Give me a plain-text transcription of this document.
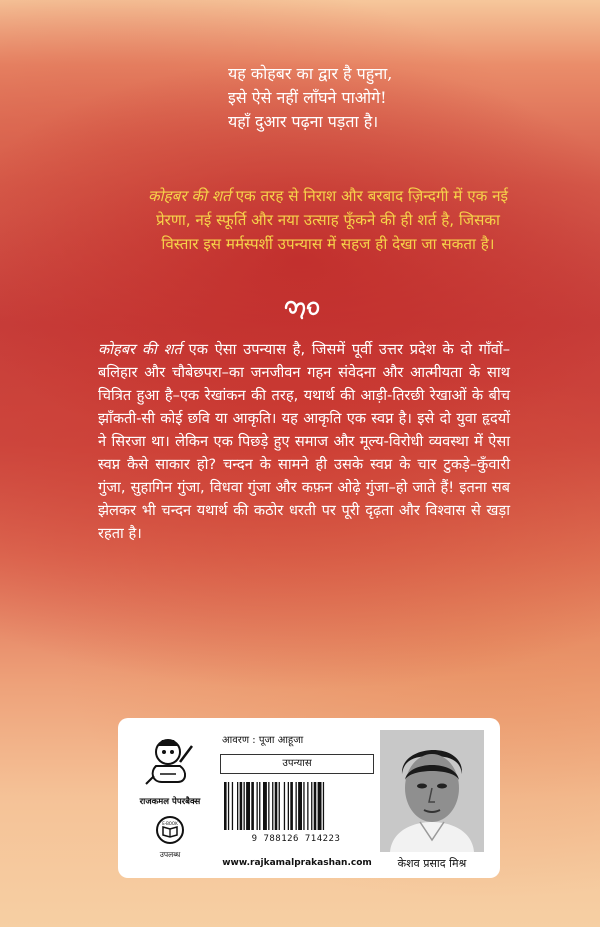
यह कोहबर का द्वार है पहुना,
इसे ऐसे नहीं लाँघने पाओगे!
यहाँ दुआर पढ़ना पड़ता है।
कोहबर की शर्त एक तरह से निराश और बरबाद ज़िन्दगी में एक नई प्रेरणा, नई स्फूर्ति और नया उत्साह फूँकने की ही शर्त है, जिसका विस्तार इस मर्मस्पर्शी उपन्यास में सहज ही देखा जा सकता है।
कोहबर की शर्त एक ऐसा उपन्यास है, जिसमें पूर्वी उत्तर प्रदेश के दो गाँवों–बलिहार और चौबेछपरा–का जनजीवन गहन संवेदना और आत्मीयता के साथ चित्रित हुआ है–एक रेखांकन की तरह, यथार्थ की आड़ी-तिरछी रेखाओं के बीच झाँकती-सी कोई छवि या आकृति। यह आकृति एक स्वप्न है। इसे दो युवा हृदयों ने सिरजा था। लेकिन एक पिछड़े हुए समाज और मूल्य-विरोधी व्यवस्था में ऐसा स्वप्न कैसे साकार हो? चन्दन के सामने ही उसके स्वप्न के चार टुकड़े–कुँवारी गुंजा, सुहागिन गुंजा, विधवा गुंजा और कफ़न ओढ़े गुंजा–हो जाते हैं! इतना सब झेलकर भी चन्दन यथार्थ की कठोर धरती पर पूरी दृढ़ता और विश्वास से खड़ा रहता है।
राजकमल पेपरबैक्स
E-BOOK
उपलब्ध
आवरण : पूजा आहूजा
उपन्यास
9 788126 714223
www.rajkamalprakashan.com	केशव प्रसाद मिश्र
